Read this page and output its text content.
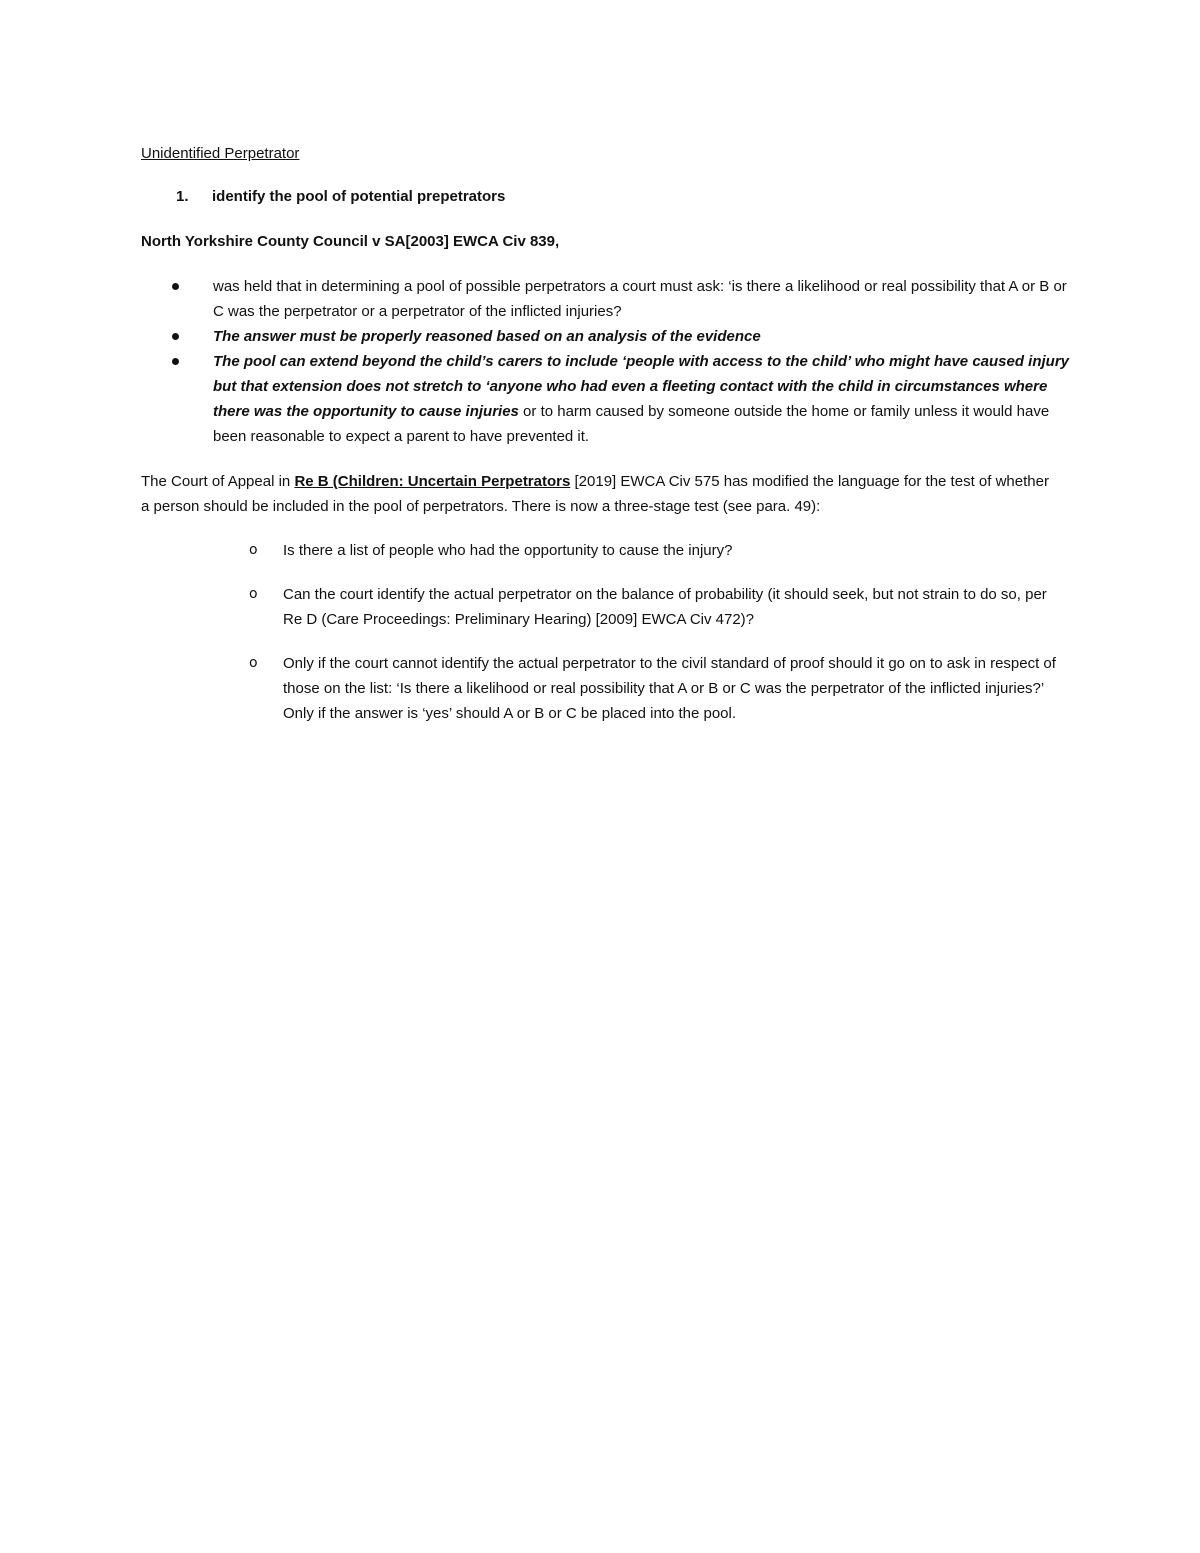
Unidentified Perpetrator
1.	identify the pool of potential prepetrators
North Yorkshire County Council v SA[2003] EWCA Civ 839,
was held that in determining a pool of possible perpetrators a court must ask: ‘is there a likelihood or real possibility that A or B or C was the perpetrator or a perpetrator of the inflicted injuries?
The answer must be properly reasoned based on an analysis of the evidence
The pool can extend beyond the child’s carers to include ‘people with access to the child’ who might have caused injury but that extension does not stretch to ‘anyone who had even a fleeting contact with the child in circumstances where there was the opportunity to cause injuries or to harm caused by someone outside the home or family unless it would have been reasonable to expect a parent to have prevented it.

The Court of Appeal in Re B (Children: Uncertain Perpetrators [2019] EWCA Civ 575 has modified the language for the test of whether a person should be included in the pool of perpetrators. There is now a three-stage test (see para. 49):

o Is there a list of people who had the opportunity to cause the injury?
o Can the court identify the actual perpetrator on the balance of probability (it should seek, but not strain to do so, per Re D (Care Proceedings: Preliminary Hearing) [2009] EWCA Civ 472)?
o Only if the court cannot identify the actual perpetrator to the civil standard of proof should it go on to ask in respect of those on the list: ‘Is there a likelihood or real possibility that A or B or C was the perpetrator of the inflicted injuries?’ Only if the answer is ‘yes’ should A or B or C be placed into the pool.
